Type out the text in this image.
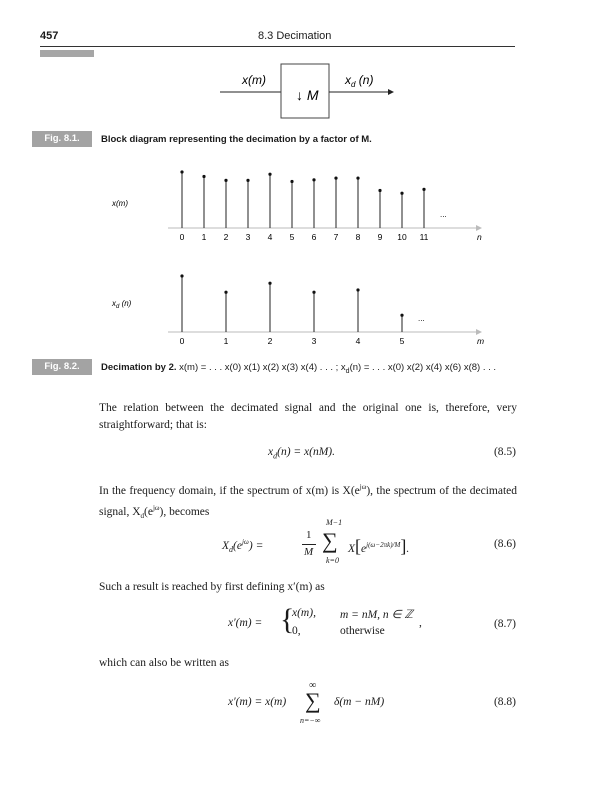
457	8.3 Decimation
x(m)
↓ M
$x_d$ (n)
Fig. 8.1.	Block diagram representing the decimation by a factor of M.
x(m)
0 1 2 3 4 5 6 7 8 9 10 11
...
n
$x_d$ (n)
0	1	2	3	4	5
...
m
Fig. 8.2.	Decimation by 2. x(m) = . . . x(0) x(1) x(2) x(3) x(4) . . . ; $x_d(n)$ = . . . x(0) x(2) x(4) x(6) x(8) . . .
The relation between the decimated signal and the original one is, therefore, very straightforward; that is:
$x_d(n) = x(nM)$.	(8.5)
In the frequency domain, if the spectrum of x(m) is $X(e^{j\omega})$, the spectrum of the decimated signal, $X_d(e^{j\omega})$, becomes
$X_d(e^{j\omega})$ =
1
M
M−1
∑
k=0
$X[e^{j(\omega-2\pi k)/M}]$.	(8.6)
Such a result is reached by first defining x′(m) as
x′(m) = {
x(m), m = nM, n ∈ ℤ
,
0,	otherwise
(8.7)
which can also be written as
x′(m) = x(m)
∞
∑
n=−∞
δ(m − nM)	(8.8)
